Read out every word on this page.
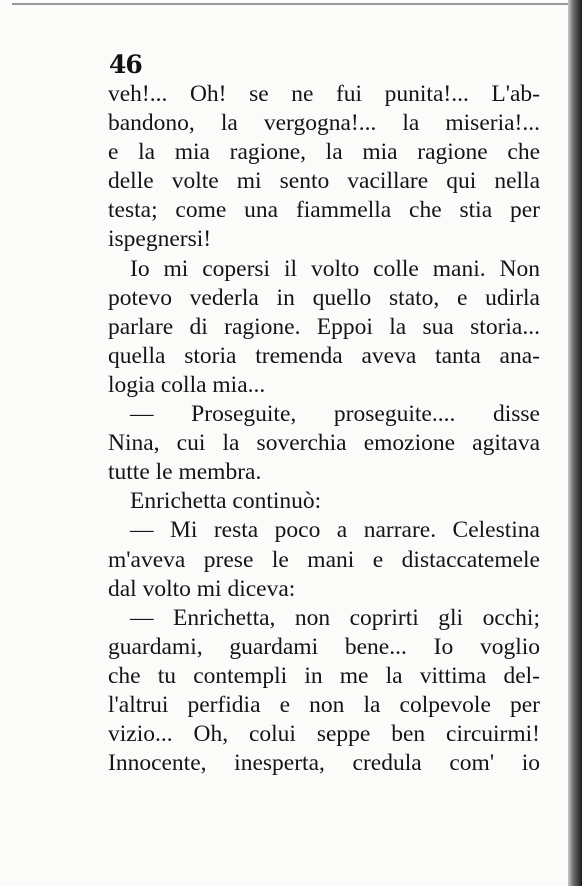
46
veh!... Oh! se ne fui punita!... L'ab-
bandono, la vergogna!... la miseria!...
e la mia ragione, la mia ragione che
delle volte mi sento vacillare qui nella
testa; come una fiammella che stia per
ispegnersi!
Io mi copersi il volto colle mani. Non
potevo vederla in quello stato, e udirla
parlare di ragione. Eppoi la sua storia...
quella storia tremenda aveva tanta ana-
logia colla mia...
— Proseguite, proseguite.... disse
Nina, cui la soverchia emozione agitava
tutte le membra.
Enrichetta continuò:
— Mi resta poco a narrare. Celestina
m'aveva prese le mani e distaccatemele
dal volto mi diceva:
— Enrichetta, non coprirti gli occhi;
guardami, guardami bene... Io voglio
che tu contempli in me la vittima del-
l'altrui perfidia e non la colpevole per
vizio... Oh, colui seppe ben circuirmi!
Innocente, inesperta, credula com' io
